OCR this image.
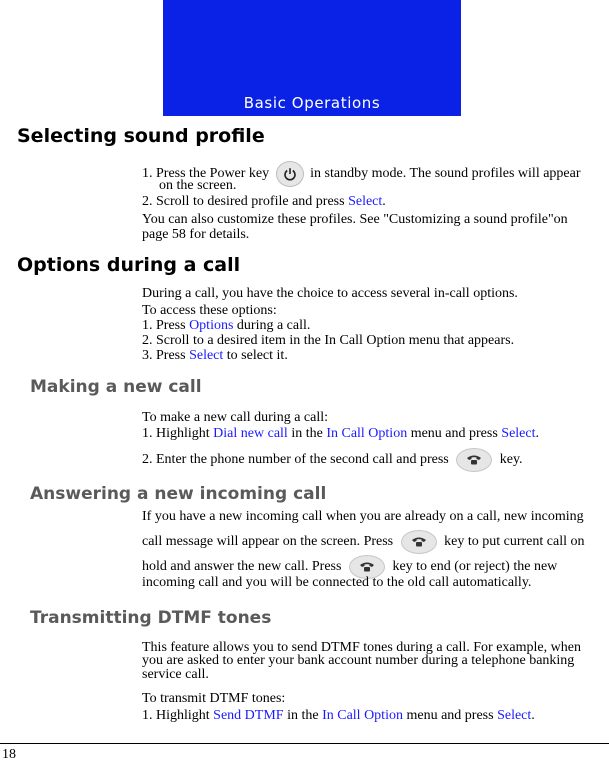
Basic Operations
Selecting sound profile
1. Press the Power key	in standby mode. The sound profiles will appear
on the screen.
2. Scroll to desired profile and press Select.
You can also customize these profiles. See "Customizing a sound profile"on
page 58 for details.
Options during a call
During a call, you have the choice to access several in-call options.
To access these options:
1. Press Options during a call.
2. Scroll to a desired item in the In Call Option menu that appears.
3. Press Select to select it.
Making a new call
To make a new call during a call:
1. Highlight Dial new call in the In Call Option menu and press Select.
2. Enter the phone number of the second call and press	key.
Answering a new incoming call
If you have a new incoming call when you are already on a call, new incoming
call message will appear on the screen. Press	key to put current call on
hold and answer the new call. Press	key to end (or reject) the new
incoming call and you will be connected to the old call automatically.
Transmitting DTMF tones
This feature allows you to send DTMF tones during a call. For example, when
you are asked to enter your bank account number during a telephone banking
service call.
To transmit DTMF tones:
1. Highlight Send DTMF in the In Call Option menu and press Select.
18
